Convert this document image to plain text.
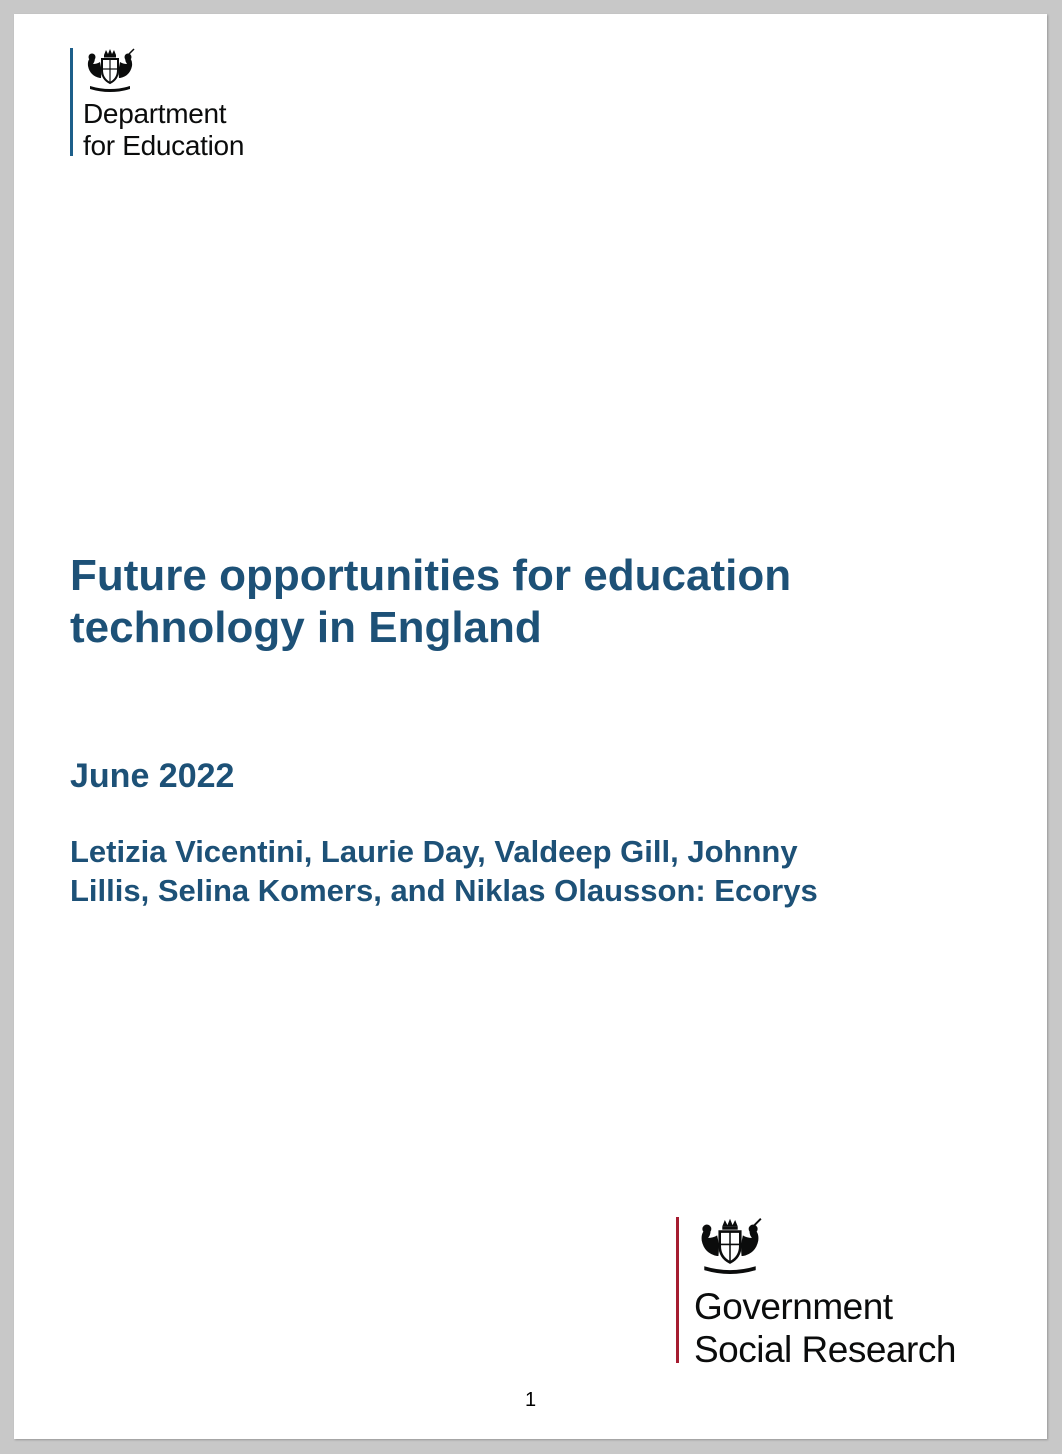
Department
for Education
Future opportunities for education
technology in England

June 2022

Letizia Vicentini, Laurie Day, Valdeep Gill, Johnny
Lillis, Selina Komers, and Niklas Olausson: Ecorys

Government
Social Research
1
